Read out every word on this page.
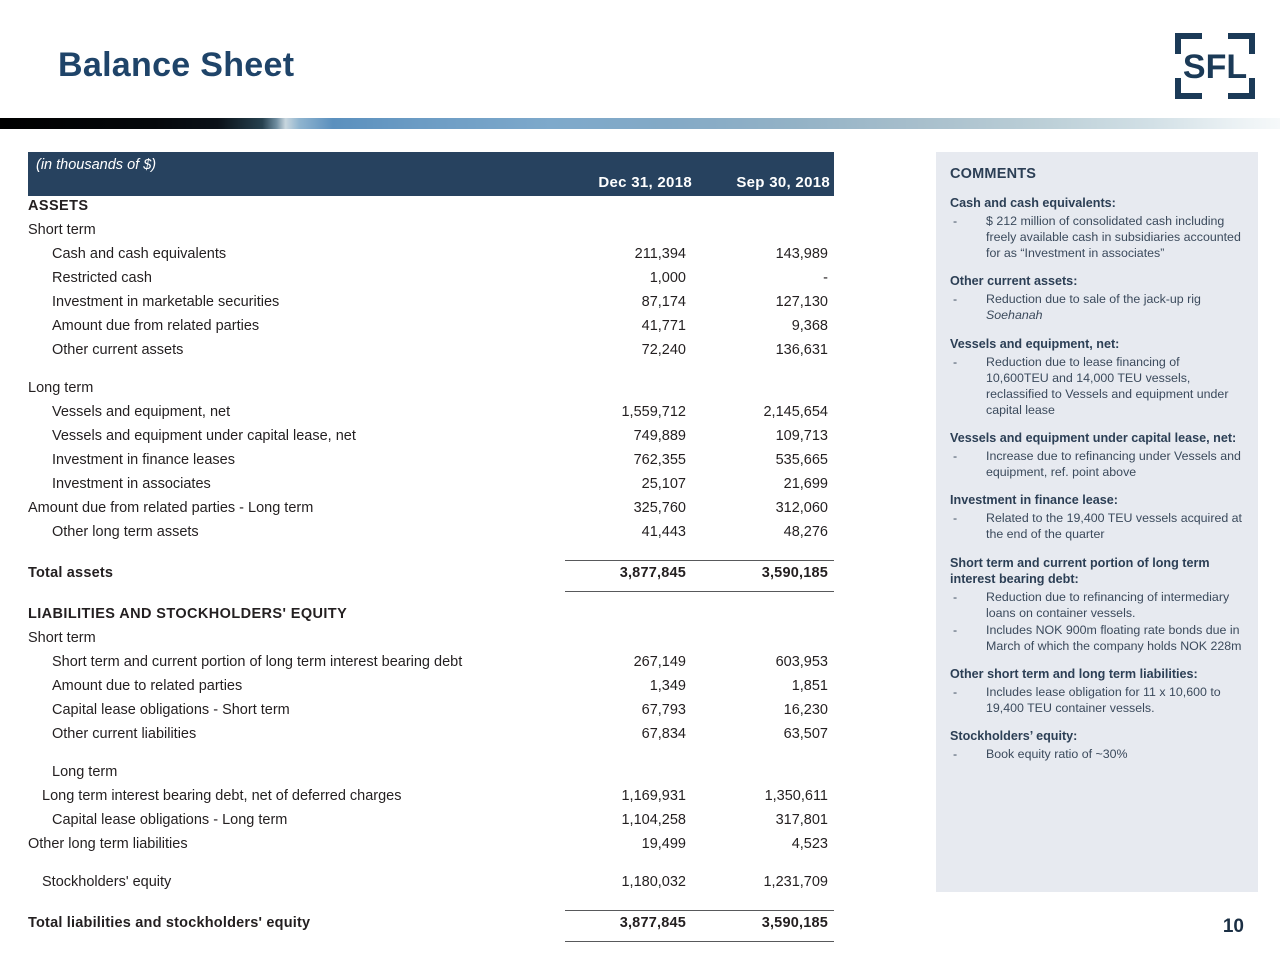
Balance Sheet	SFL
(in thousands of $)
Dec 31, 2018	Sep 30, 2018
ASSETS
Short term
Cash and cash equivalents	211,394	143,989
Restricted cash	1,000	-
Investment in marketable securities	87,174	127,130
Amount due from related parties	41,771	9,368
Other current assets	72,240	136,631
Long term
Vessels and equipment, net	1,559,712	2,145,654
Vessels and equipment under capital lease, net	749,889	109,713
Investment in finance leases	762,355	535,665
Investment in associates	25,107	21,699
Amount due from related parties - Long term	325,760	312,060
Other long term assets	41,443	48,276
Total assets	3,877,845	3,590,185
LIABILITIES AND STOCKHOLDERS' EQUITY
Short term
Short term and current portion of long term interest bearing debt	267,149	603,953
Amount due to related parties	1,349	1,851
Capital lease obligations - Short term	67,793	16,230
Other current liabilities	67,834	63,507
Long term
Long term interest bearing debt, net of deferred charges	1,169,931	1,350,611
Capital lease obligations - Long term	1,104,258	317,801
Other long term liabilities	19,499	4,523
Stockholders' equity	1,180,032	1,231,709
Total liabilities and stockholders' equity	3,877,845	3,590,185
COMMENTS
Cash and cash equivalents:
- $ 212 million of consolidated cash including freely available cash in subsidiaries accounted for as “Investment in associates”
Other current assets:
- Reduction due to sale of the jack-up rig Soehanah
Vessels and equipment, net:
- Reduction due to lease financing of 10,600TEU and 14,000 TEU vessels, reclassified to Vessels and equipment under capital lease
Vessels and equipment under capital lease, net:
- Increase due to refinancing under Vessels and equipment, ref. point above
Investment in finance lease:
- Related to the 19,400 TEU vessels acquired at the end of the quarter
Short term and current portion of long term interest bearing debt:
- Reduction due to refinancing of intermediary loans on container vessels.
- Includes NOK 900m floating rate bonds due in March of which the company holds NOK 228m
Other short term and long term liabilities:
- Includes lease obligation for 11 x 10,600 to 19,400 TEU container vessels.
Stockholders’ equity:
- Book equity ratio of ~30%
10
